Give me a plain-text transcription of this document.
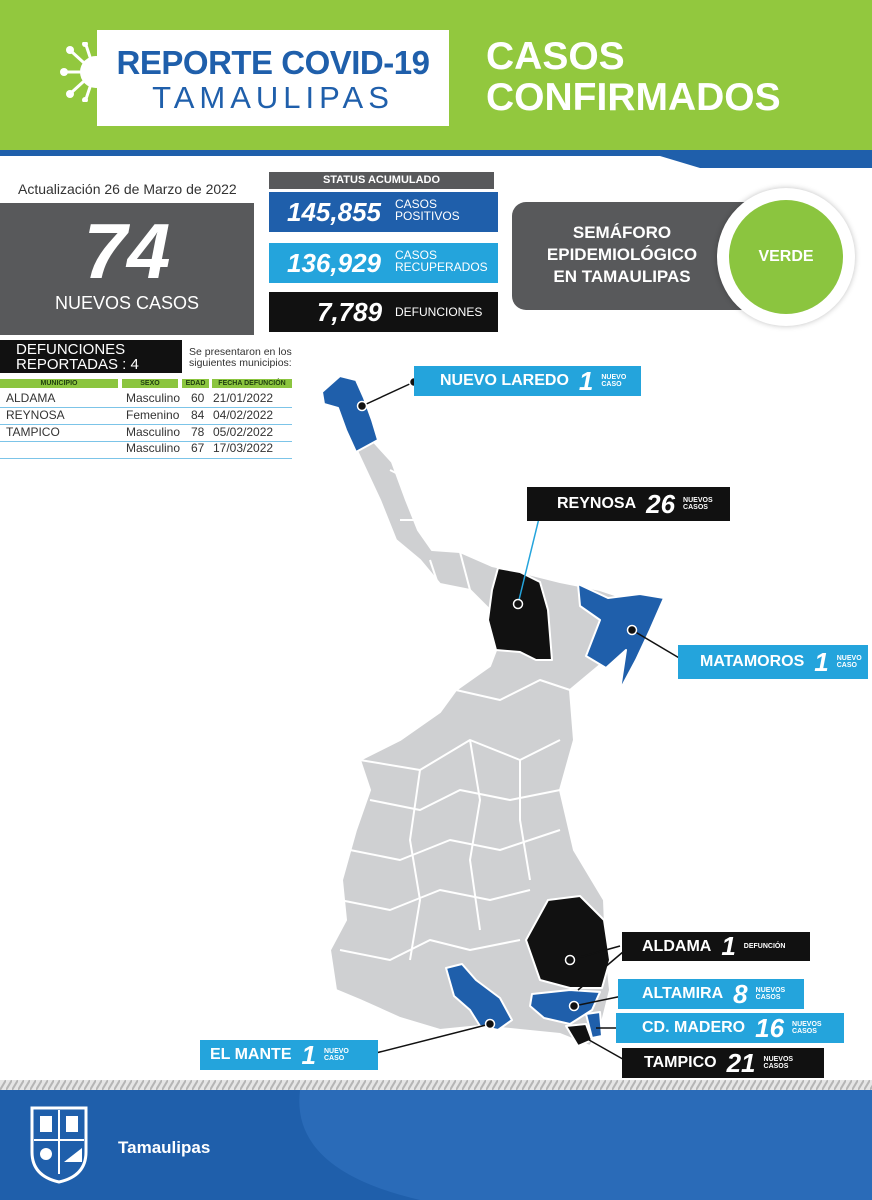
REPORTE COVID-19
TAMAULIPAS
CASOS
CONFIRMADOS
Actualización 26 de Marzo de 2022
74
NUEVOS CASOS
STATUS ACUMULADO
145,855 CASOS
POSITIVOS
136,929 CASOS
RECUPERADOS
7,789 DEFUNCIONES
SEMÁFORO
EPIDEMIOLÓGICO
EN TAMAULIPAS
VERDE
DEFUNCIONES
REPORTADAS : 4
Se presentaron en los
siguientes municipios:
MUNICIPIO	SEXO	EDAD	FECHA DEFUNCIÓN
ALDAMA	Masculino 60 21/01/2022
REYNOSA	Femenino 84 04/02/2022
TAMPICO	Masculino 78 05/02/2022
Masculino 67 17/03/2022
NUEVO LAREDO 1 NUEVO
CASO
REYNOSA 26 NUEVOS
CASOS
MATAMOROS 1 NUEVO
CASO
ALDAMA 1 DEFUNCIÓN
ALTAMIRA 8 NUEVOS
CASOS
CD. MADERO 16 NUEVOS
CASOS
TAMPICO 21 NUEVOS
CASOS
EL MANTE 1 NUEVO
CASO
Tamaulipas
